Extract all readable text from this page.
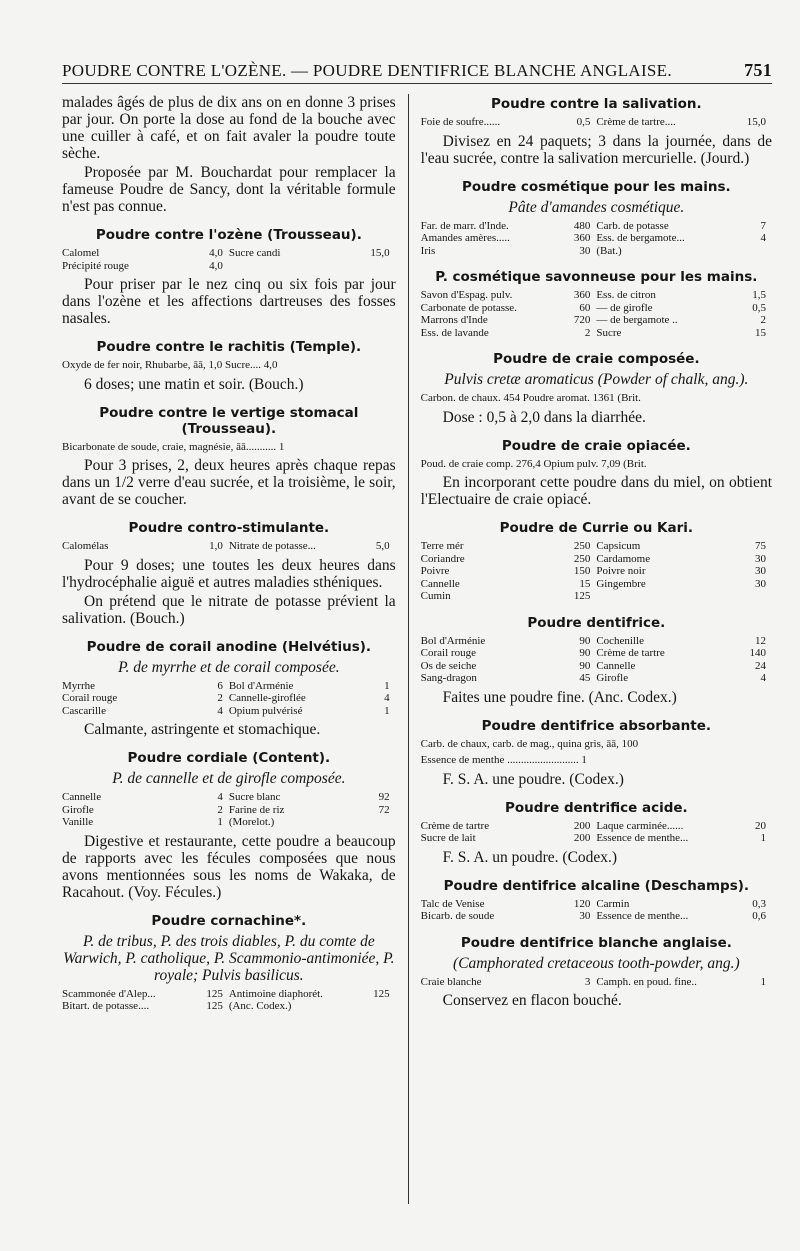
POUDRE CONTRE L'OZÈNE. — POUDRE DENTIFRICE BLANCHE ANGLAISE.	751

malades âgés de plus de dix ans on en donne 3 prises par jour. On porte la dose au fond de la bouche avec une cuiller à café, et on fait avaler la poudre toute sèche.

Proposée par M. Bouchardat pour remplacer la fameuse Poudre de Sancy, dont la véritable formule n'est pas connue.

Poudre contre l'ozène (Trousseau).
Calomel	4,0 Sucre candi	15,0
Précipité rouge	4,0

Pour priser par le nez cinq ou six fois par jour dans l'ozène et les affections dartreuses des fosses nasales.

Poudre contre le rachitis (Temple).
Oxyde de fer noir, Rhubarbe, āā, 1,0 Sucre.... 4,0

6 doses; une matin et soir. (Bouch.)

Poudre contre le vertige stomacal (Trousseau).
Bicarbonate de soude, craie, magnésie, āā........... 1

Pour 3 prises, 2, deux heures après chaque repas dans un 1/2 verre d'eau sucrée, et la troisième, le soir, avant de se coucher.

Poudre contro-stimulante.
Calomélas	1,0 Nitrate de potasse...	5,0

Pour 9 doses; une toutes les deux heures dans l'hydrocéphalie aiguë et autres maladies sthéniques.

On prétend que le nitrate de potasse prévient la salivation. (Bouch.)

Poudre de corail anodine (Helvétius).
P. de myrrhe et de corail composée.
Myrrhe	6 Bol d'Arménie	1
Corail rouge	2 Cannelle-giroflée	4
Cascarille	4 Opium pulvérisé	1

Calmante, astringente et stomachique.

Poudre cordiale (Content).
P. de cannelle et de girofle composée.
Cannelle	4 Sucre blanc	92
Girofle	2 Farine de riz	72
Vanille	1 (Morelot.)

Digestive et restaurante, cette poudre a beaucoup de rapports avec les fécules composées que nous avons mentionnées sous les noms de Wakaka, de Racahout. (Voy. Fécules.)

Poudre cornachine*.
P. de tribus, P. des trois diables, P. du comte de Warwich, P. catholique, P. Scammonio-antimoniée, P. royale; Pulvis basilicus.
Scammonée d'Alep...	125 Antimoine diaphorét.	125
Bitart. de potasse....	125 (Anc. Codex.)
Poudre contre la salivation.
Foie de soufre......	0,5 Crème de tartre....	15,0

Divisez en 24 paquets; 3 dans la journée, dans de l'eau sucrée, contre la salivation mercurielle. (Jourd.)

Poudre cosmétique pour les mains.
Pâte d'amandes cosmétique.
Far. de marr. d'Inde.	480 Carb. de potasse	7
Amandes amères.....	360 Ess. de bergamote...	4
Iris	30 (Bat.)
P. cosmétique savonneuse pour les mains.
Savon d'Espag. pulv.	360 Ess. de citron	1,5
Carbonate de potasse.	60 — de girofle	0,5
Marrons d'Inde	720 — de bergamote ..	2
Ess. de lavande	2 Sucre	15
Poudre de craie composée.
Pulvis cretæ aromaticus (Powder of chalk, ang.).
Carbon. de chaux. 454 Poudre aromat. 1361 (Brit.

Dose : 0,5 à 2,0 dans la diarrhée.

Poudre de craie opiacée.
Poud. de craie comp. 276,4 Opium pulv. 7,09 (Brit.

En incorporant cette poudre dans du miel, on obtient l'Electuaire de craie opiacé.

Poudre de Currie ou Kari.
Terre mér	250 Capsicum	75
Coriandre	250 Cardamome	30
Poivre	150 Poivre noir	30
Cannelle	15 Gingembre	30
Cumin	125
Poudre dentifrice.
Bol d'Arménie	90 Cochenille	12
Corail rouge	90 Crème de tartre	140
Os de seiche	90 Cannelle	24
Sang-dragon	45 Girofle	4

Faites une poudre fine. (Anc. Codex.)

Poudre dentifrice absorbante.
Carb. de chaux, carb. de mag., quina gris, āā, 100
Essence de menthe .......................... 1

F. S. A. une poudre. (Codex.)

Poudre dentrifice acide.
Crème de tartre	200 Laque carminée......	20
Sucre de lait	200 Essence de menthe...	1

F. S. A. un poudre. (Codex.)

Poudre dentifrice alcaline (Deschamps).
Talc de Venise	120 Carmin	0,3
Bicarb. de soude	30 Essence de menthe...	0,6
Poudre dentifrice blanche anglaise.
(Camphorated cretaceous tooth-powder, ang.)
Craie blanche	3 Camph. en poud. fine..	1

Conservez en flacon bouché.
